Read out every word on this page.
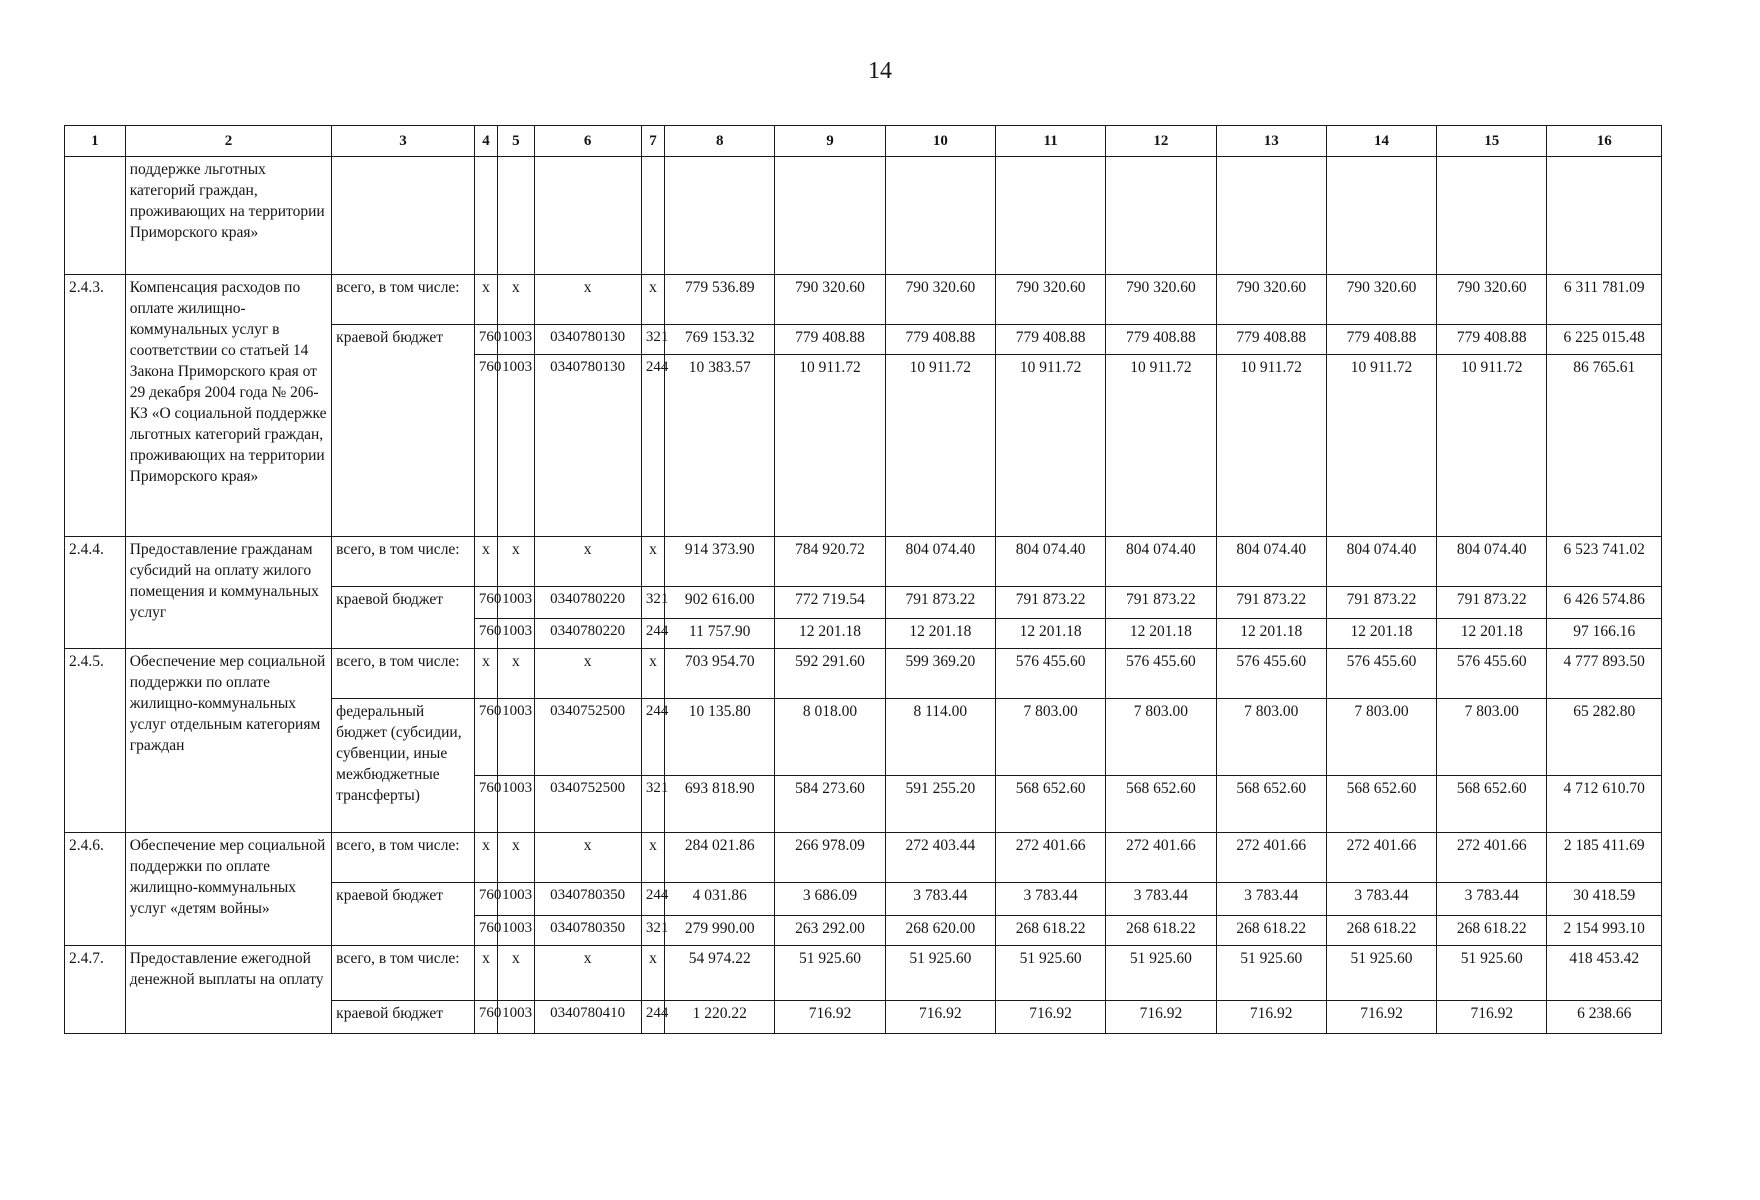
14
1	2	3	4	5	6	7	8	9	10	11	12	13	14	15	16
	поддержке льготных категорий граждан, проживающих на территории Приморского края»														
2.4.3.	Компенсация расходов по оплате жилищно-коммунальных услуг в соответствии со статьей 14 Закона Приморского края от 29 декабря 2004 года № 206-КЗ «О социальной поддержке льготных категорий граждан, проживающих на территории Приморского края»	всего, в том числе:	x	x	x	x	779 536.89	790 320.60	790 320.60	790 320.60	790 320.60	790 320.60	790 320.60	790 320.60	6 311 781.09
		краевой бюджет	760	1003	0340780130	321	769 153.32	779 408.88	779 408.88	779 408.88	779 408.88	779 408.88	779 408.88	779 408.88	6 225 015.48
			760	1003	0340780130	244	10 383.57	10 911.72	10 911.72	10 911.72	10 911.72	10 911.72	10 911.72	10 911.72	86 765.61
2.4.4.	Предоставление гражданам субсидий на оплату жилого помещения и коммунальных услуг	всего, в том числе:	x	x	x	x	914 373.90	784 920.72	804 074.40	804 074.40	804 074.40	804 074.40	804 074.40	804 074.40	6 523 741.02
		краевой бюджет	760	1003	0340780220	321	902 616.00	772 719.54	791 873.22	791 873.22	791 873.22	791 873.22	791 873.22	791 873.22	6 426 574.86
			760	1003	0340780220	244	11 757.90	12 201.18	12 201.18	12 201.18	12 201.18	12 201.18	12 201.18	12 201.18	97 166.16
2.4.5.	Обеспечение мер социальной поддержки по оплате жилищно-коммунальных услуг отдельным категориям граждан	всего, в том числе:	x	x	x	x	703 954.70	592 291.60	599 369.20	576 455.60	576 455.60	576 455.60	576 455.60	576 455.60	4 777 893.50
		федеральный бюджет (субсидии, субвенции, иные межбюджетные трансферты)	760	1003	0340752500	244	10 135.80	8 018.00	8 114.00	7 803.00	7 803.00	7 803.00	7 803.00	7 803.00	65 282.80
			760	1003	0340752500	321	693 818.90	584 273.60	591 255.20	568 652.60	568 652.60	568 652.60	568 652.60	568 652.60	4 712 610.70
2.4.6.	Обеспечение мер социальной поддержки по оплате жилищно-коммунальных услуг «детям войны»	всего, в том числе:	x	x	x	x	284 021.86	266 978.09	272 403.44	272 401.66	272 401.66	272 401.66	272 401.66	272 401.66	2 185 411.69
		краевой бюджет	760	1003	0340780350	244	4 031.86	3 686.09	3 783.44	3 783.44	3 783.44	3 783.44	3 783.44	3 783.44	30 418.59
			760	1003	0340780350	321	279 990.00	263 292.00	268 620.00	268 618.22	268 618.22	268 618.22	268 618.22	268 618.22	2 154 993.10
2.4.7.	Предоставление ежегодной денежной выплаты на оплату	всего, в том числе:	x	x	x	x	54 974.22	51 925.60	51 925.60	51 925.60	51 925.60	51 925.60	51 925.60	51 925.60	418 453.42
		краевой бюджет	760	1003	0340780410	244	1 220.22	716.92	716.92	716.92	716.92	716.92	716.92	716.92	6 238.66
